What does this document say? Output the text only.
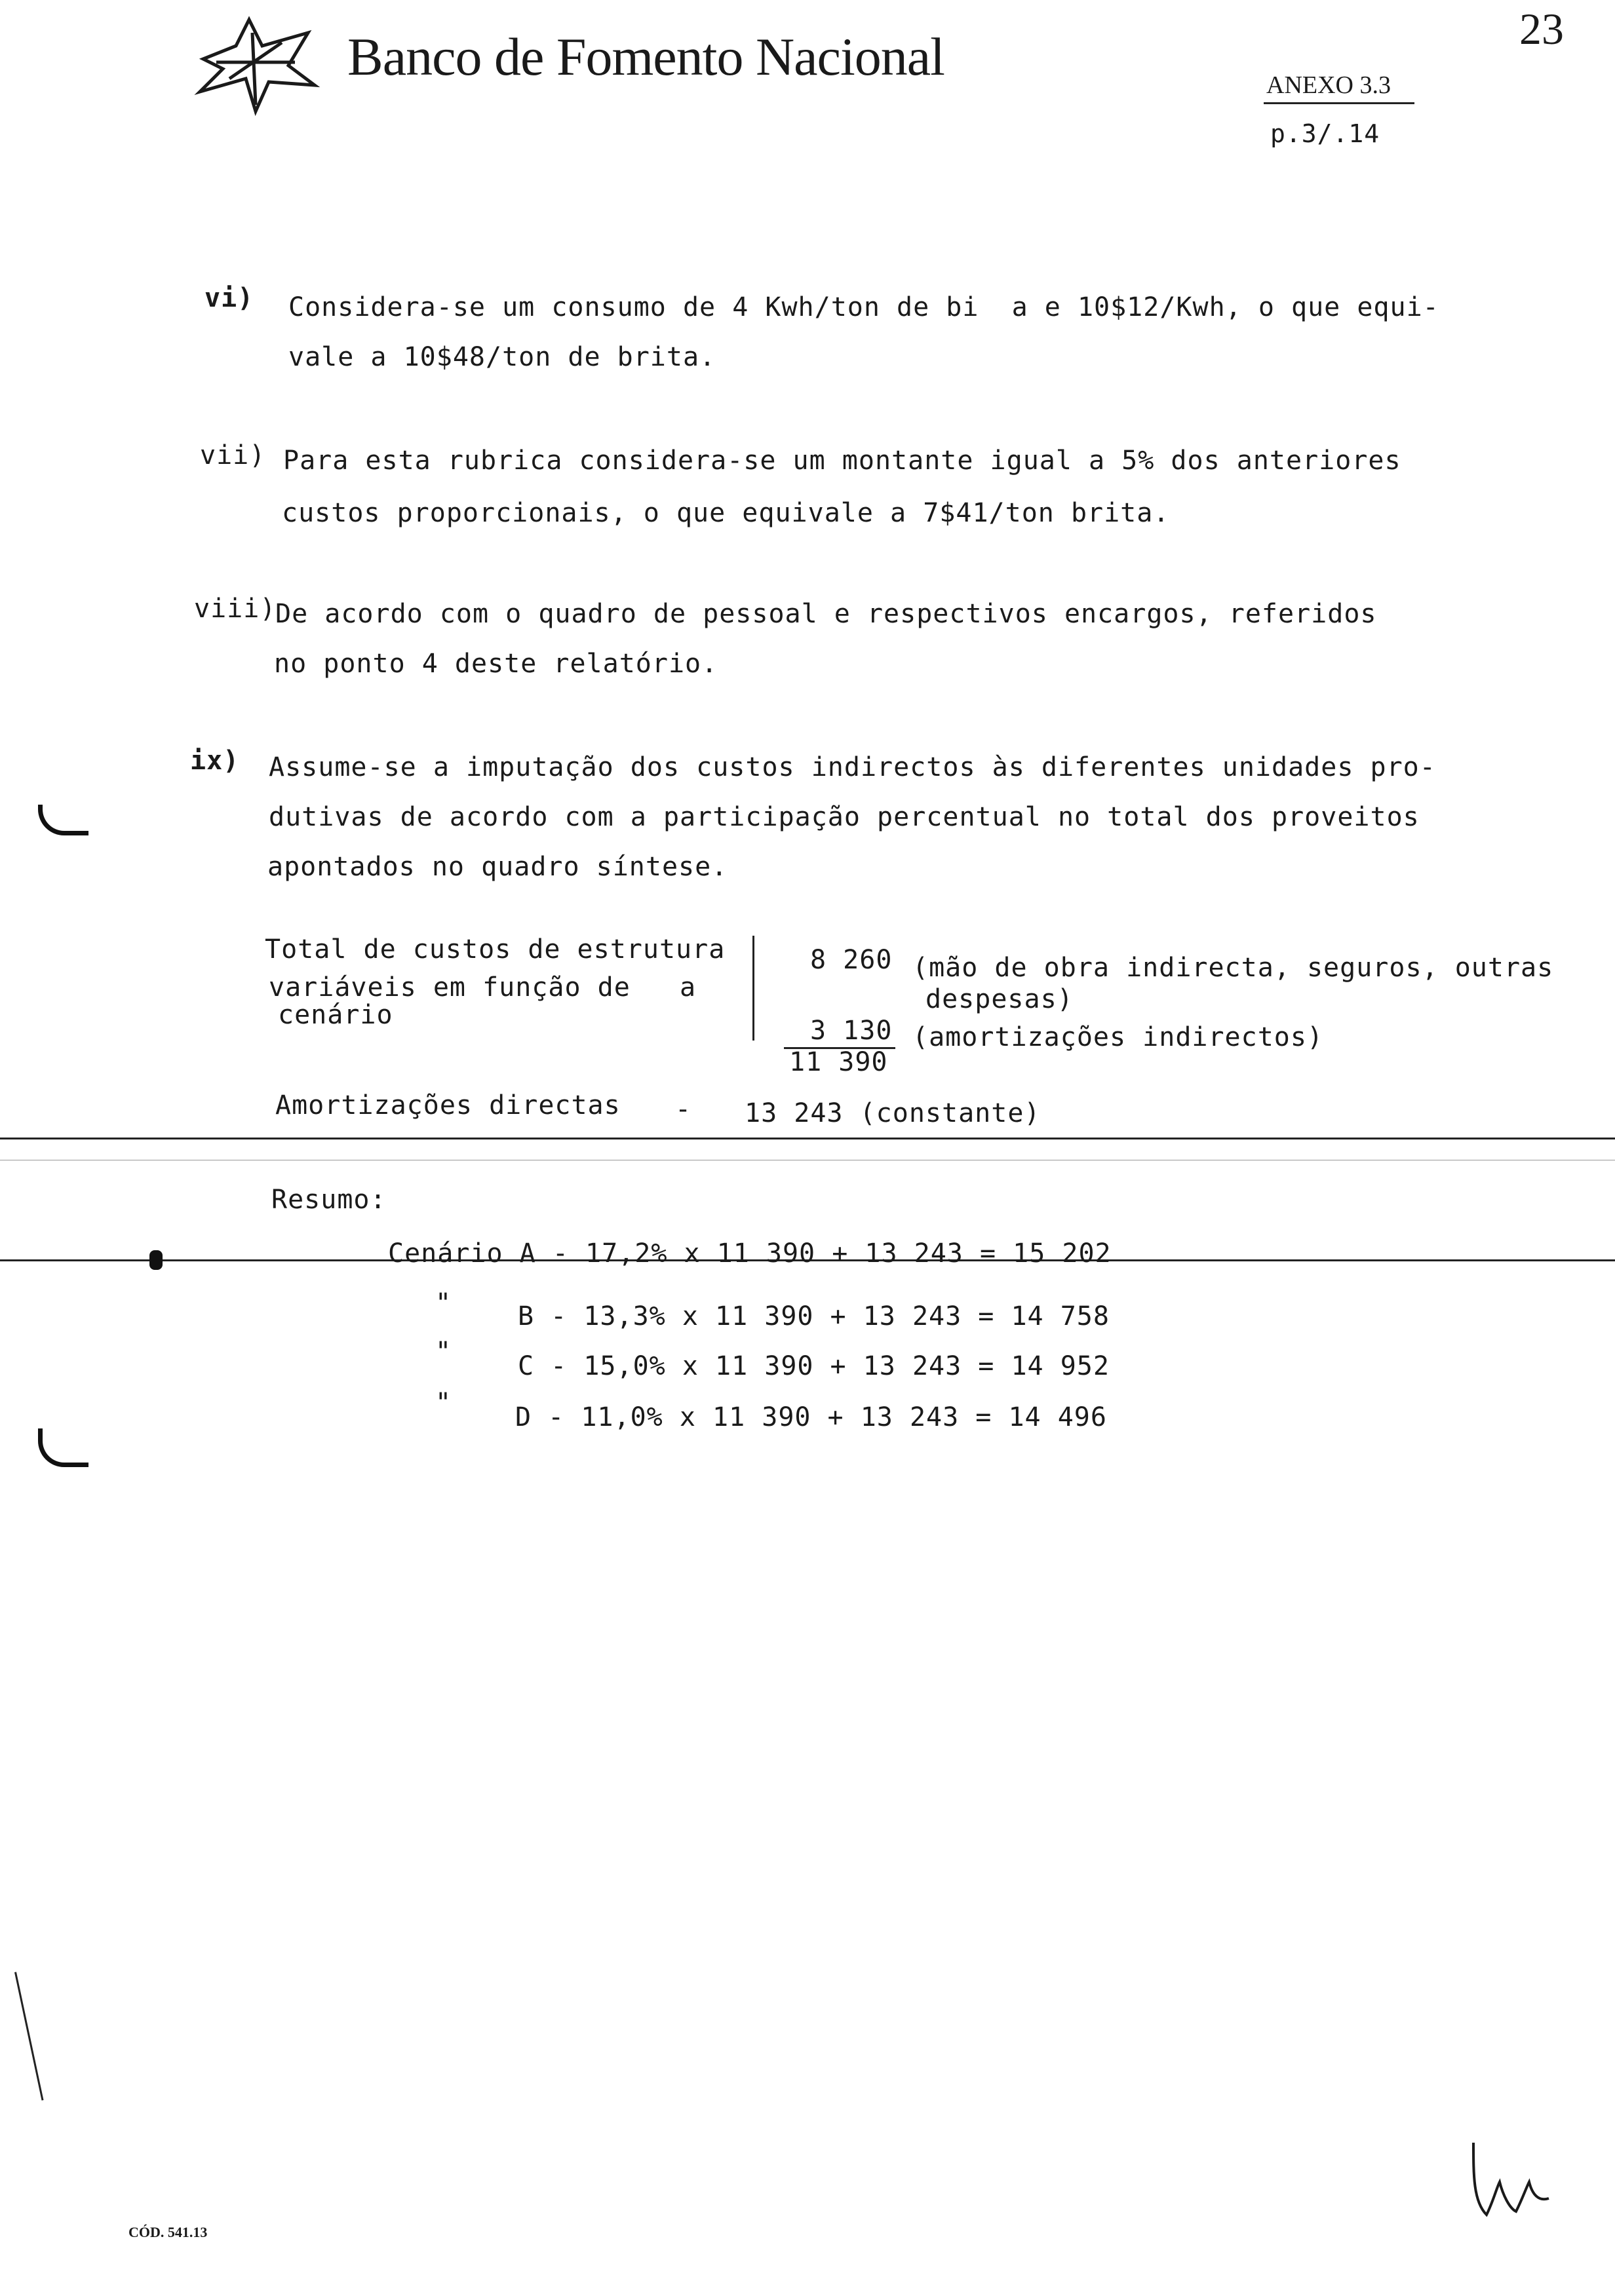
Banco de Fomento Nacional	23
ANEXO 3.3
p.3/.14
vi) Considera-se um consumo de 4 Kwh/ton de bi  a e 10$12/Kwh, o que equi-
vale a 10$48/ton de brita.
vii) Para esta rubrica considera-se um montante igual a 5% dos anteriores
custos proporcionais, o que equivale a 7$41/ton brita.
viii)
De acordo com o quadro de pessoal e respectivos encargos, referidos
no ponto 4 deste relatório.
ix) Assume-se a imputação dos custos indirectos às diferentes unidades pro-
dutivas de acordo com a participação percentual no total dos proveitos
apontados no quadro síntese.
Total de custos de estrutura
variáveis em função de   a
cenário
8 260 (mão de obra indirecta, seguros, outras
despesas)
3 130 (amortizações indirectos)
11 390
Amortizações directas - 13 243 (constante)
Resumo:
Cenário A - 17,2% x 11 390 + 13 243 = 15 202
"	B - 13,3% x 11 390 + 13 243 = 14 758
"	C - 15,0% x 11 390 + 13 243 = 14 952
" D - 11,0% x 11 390 + 13 243 = 14 496
CÓD. 541.13
